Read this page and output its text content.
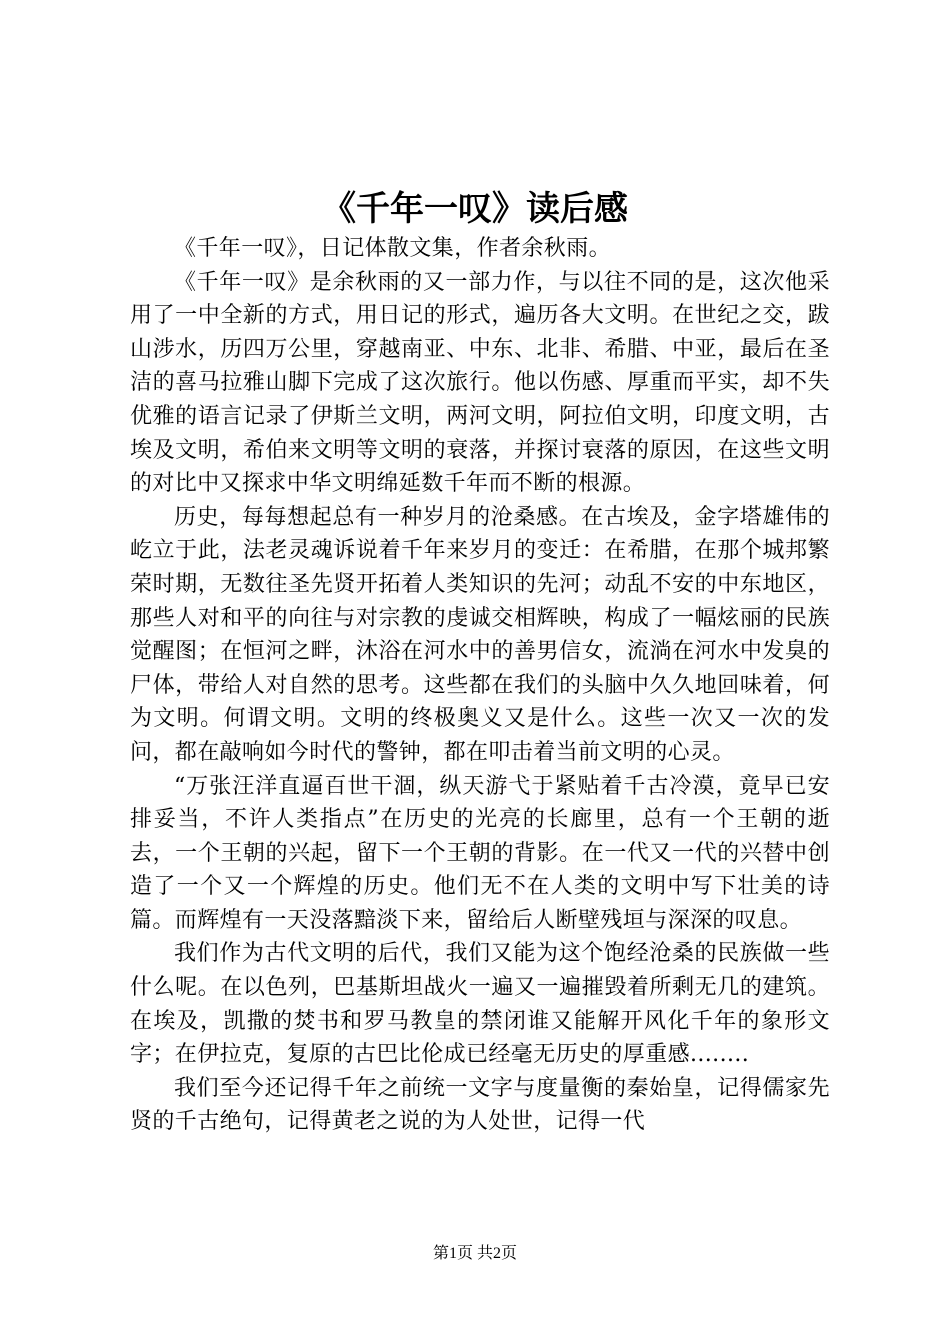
《千年一叹》读后感

《千年一叹》，日记体散文集，作者余秋雨。

《千年一叹》是余秋雨的又一部力作，与以往不同的是，这次他采用了一中全新的方式，用日记的形式，遍历各大文明。在世纪之交，跋山涉水，历四万公里，穿越南亚、中东、北非、希腊、中亚，最后在圣洁的喜马拉雅山脚下完成了这次旅行。他以伤感、厚重而平实，却不失优雅的语言记录了伊斯兰文明，两河文明，阿拉伯文明，印度文明，古埃及文明，希伯来文明等文明的衰落，并探讨衰落的原因，在这些文明的对比中又探求中华文明绵延数千年而不断的根源。

历史，每每想起总有一种岁月的沧桑感。在古埃及，金字塔雄伟的屹立于此，法老灵魂诉说着千年来岁月的变迁：在希腊，在那个城邦繁荣时期，无数往圣先贤开拓着人类知识的先河；动乱不安的中东地区，那些人对和平的向往与对宗教的虔诚交相辉映，构成了一幅炫丽的民族觉醒图；在恒河之畔，沐浴在河水中的善男信女，流淌在河水中发臭的尸体，带给人对自然的思考。这些都在我们的头脑中久久地回味着，何为文明。何谓文明。文明的终极奥义又是什么。这些一次又一次的发问，都在敲响如今时代的警钟，都在叩击着当前文明的心灵。

“万张汪洋直逼百世干涸，纵天游弋于紧贴着千古冷漠，竟早已安排妥当，不许人类指点”在历史的光亮的长廊里，总有一个王朝的逝去，一个王朝的兴起，留下一个王朝的背影。在一代又一代的兴替中创造了一个又一个辉煌的历史。他们无不在人类的文明中写下壮美的诗篇。而辉煌有一天没落黯淡下来，留给后人断壁残垣与深深的叹息。

我们作为古代文明的后代，我们又能为这个饱经沧桑的民族做一些什么呢。在以色列，巴基斯坦战火一遍又一遍摧毁着所剩无几的建筑。在埃及，凯撒的焚书和罗马教皇的禁闭谁又能解开风化千年的象形文字；在伊拉克，复原的古巴比伦成已经毫无历史的厚重感........

我们至今还记得千年之前统一文字与度量衡的秦始皇，记得儒家先贤的千古绝句，记得黄老之说的为人处世，记得一代

第1页 共2页
